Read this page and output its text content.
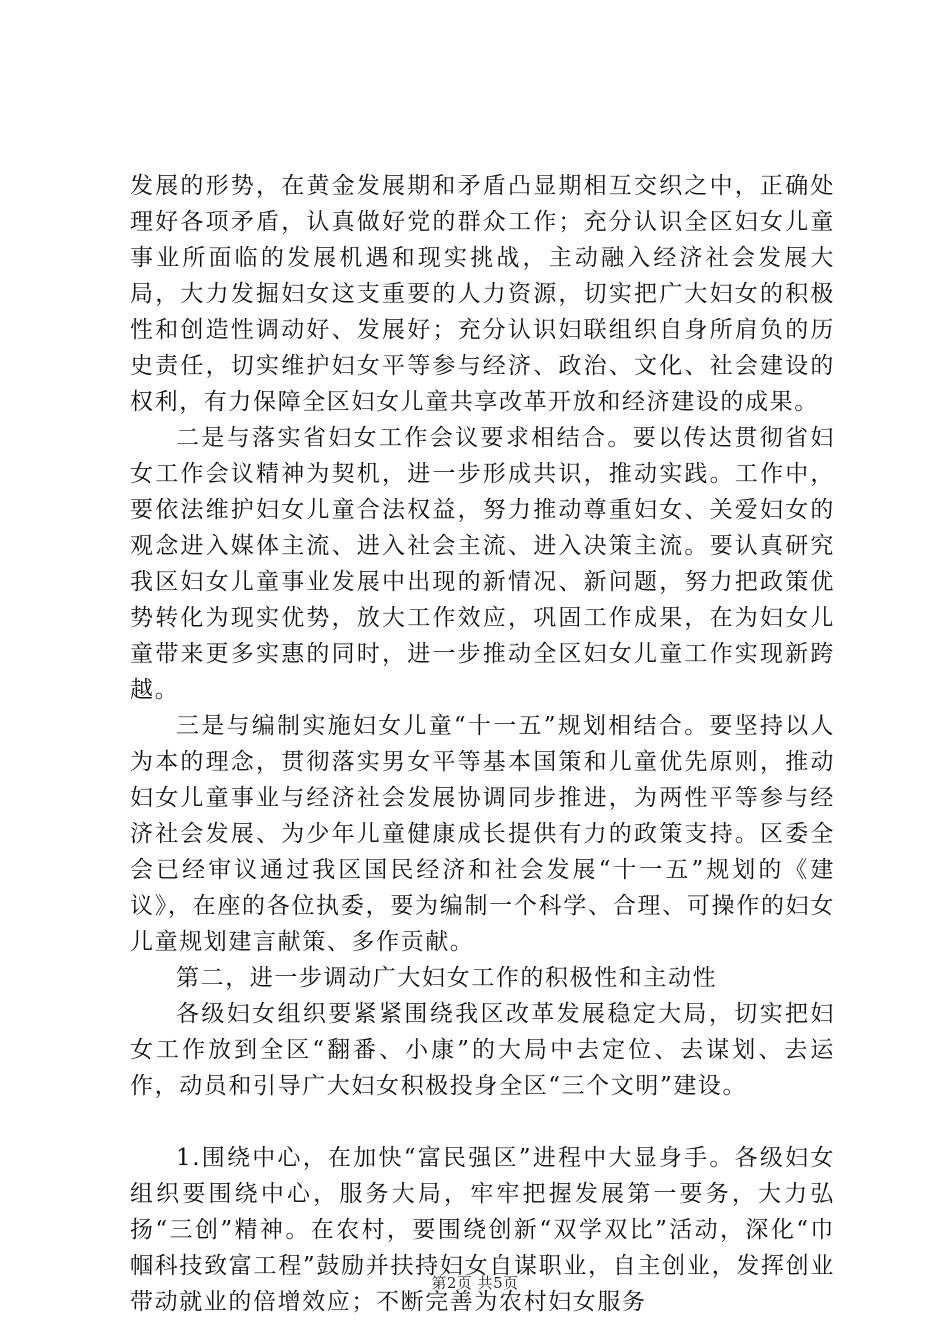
发展的形势，在黄金发展期和矛盾凸显期相互交织之中，正确处理好各项矛盾，认真做好党的群众工作；充分认识全区妇女儿童事业所面临的发展机遇和现实挑战，主动融入经济社会发展大局，大力发掘妇女这支重要的人力资源，切实把广大妇女的积极性和创造性调动好、发展好；充分认识妇联组织自身所肩负的历史责任，切实维护妇女平等参与经济、政治、文化、社会建设的权利，有力保障全区妇女儿童共享改革开放和经济建设的成果。

二是与落实省妇女工作会议要求相结合。要以传达贯彻省妇女工作会议精神为契机，进一步形成共识，推动实践。工作中，要依法维护妇女儿童合法权益，努力推动尊重妇女、关爱妇女的观念进入媒体主流、进入社会主流、进入决策主流。要认真研究我区妇女儿童事业发展中出现的新情况、新问题，努力把政策优势转化为现实优势，放大工作效应，巩固工作成果，在为妇女儿童带来更多实惠的同时，进一步推动全区妇女儿童工作实现新跨越。

三是与编制实施妇女儿童“十一五”规划相结合。要坚持以人为本的理念，贯彻落实男女平等基本国策和儿童优先原则，推动妇女儿童事业与经济社会发展协调同步推进，为两性平等参与经济社会发展、为少年儿童健康成长提供有力的政策支持。区委全会已经审议通过我区国民经济和社会发展“十一五”规划的《建议》，在座的各位执委，要为编制一个科学、合理、可操作的妇女儿童规划建言献策、多作贡献。

第二，进一步调动广大妇女工作的积极性和主动性

各级妇女组织要紧紧围绕我区改革发展稳定大局，切实把妇女工作放到全区“翻番、小康”的大局中去定位、去谋划、去运作，动员和引导广大妇女积极投身全区“三个文明”建设。

1.围绕中心，在加快“富民强区”进程中大显身手。各级妇女组织要围绕中心，服务大局，牢牢把握发展第一要务，大力弘扬“三创”精神。在农村，要围绕创新“双学双比”活动，深化“巾帼科技致富工程”鼓励并扶持妇女自谋职业，自主创业，发挥创业带动就业的倍增效应；不断完善为农村妇女服务

第2页 共5页
